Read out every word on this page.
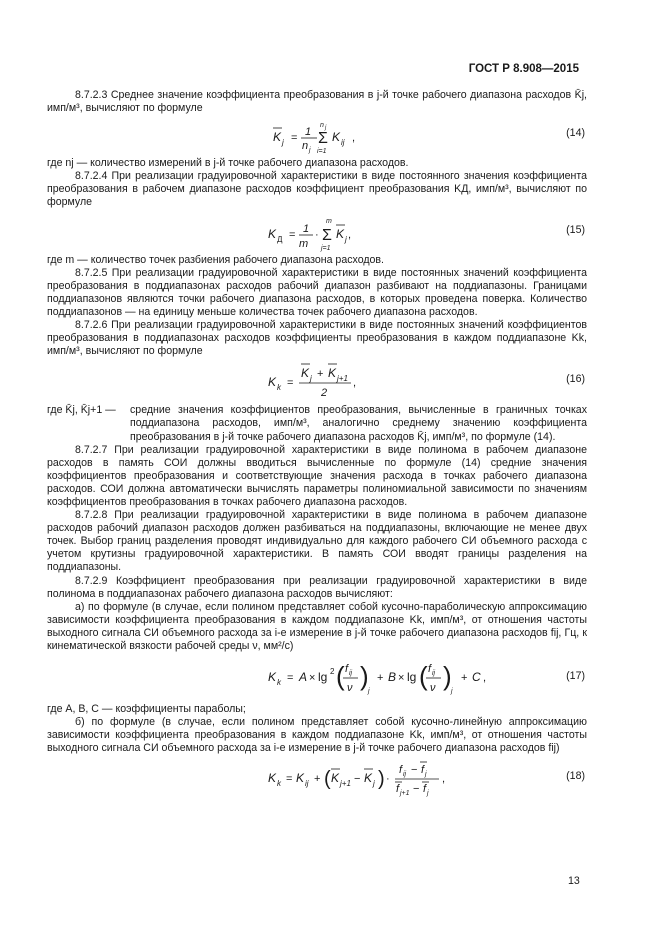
ГОСТ Р 8.908—2015

8.7.2.3 Среднее значение коэффициента преобразования в j-й точке рабочего диапазона расходов K̄j, имп/м³, вычисляют по формуле

K j = 1
n j
n j
Σ
i=1
K ij ,	(14)

где nj — количество измерений в j-й точке рабочего диапазона расходов.

8.7.2.4 При реализации градуировочной характеристики в виде постоянного значения коэффициента преобразования в рабочем диапазоне расходов коэффициент преобразования KД, имп/м³, вычисляют по формуле

K Д = 1
m
·
m
Σ
j=1
K j ,	(15)

где m — количество точек разбиения рабочего диапазона расходов.

8.7.2.5 При реализации градуировочной характеристики в виде постоянных значений коэффициента преобразования в поддиапазонах расходов рабочий диапазон разбивают на поддиапазоны. Границами поддиапазонов являются точки рабочего диапазона расходов, в которых проведена поверка. Количество поддиапазонов — на единицу меньше количества точек рабочего диапазона расходов.

8.7.2.6 При реализации градуировочной характеристики в виде постоянных значений коэффициентов преобразования в поддиапазонах расходов коэффициенты преобразования в каждом поддиапазоне Kk, имп/м³, вычисляют по формуле

K k =
K j + K j+1
2
,	(16)
где K̄j, K̄j+1 — средние значения коэффициентов преобразования, вычисленные в граничных точках поддиапазона расходов, имп/м³, аналогично среднему значению коэффициента преобразования в j-й точке рабочего диапазона расходов K̄j, имп/м³, по формуле (14).

8.7.2.7 При реализации градуировочной характеристики в виде полинома в рабочем диапазоне расходов в память СОИ должны вводиться вычисленные по формуле (14) средние значения коэффициентов преобразования и соответствующие значения расхода в точках рабочего диапазона расходов. СОИ должна автоматически вычислять параметры полиномиальной зависимости по значениям коэффициентов преобразования в точках рабочего диапазона расходов.

8.7.2.8 При реализации градуировочной характеристики в виде полинома в рабочем диапазоне расходов рабочий диапазон расходов должен разбиваться на поддиапазоны, включающие не менее двух точек. Выбор границ разделения проводят индивидуально для каждого рабочего СИ объемного расхода с учетом крутизны градуировочной характеристики. В память СОИ вводят границы разделения на поддиапазоны.

8.7.2.9 Коэффициент преобразования при реализации градуировочной характеристики в виде полинома в поддиапазонах рабочего диапазона расходов вычисляют:

а) по формуле (в случае, если полином представляет собой кусочно-параболическую аппроксимацию зависимости коэффициента преобразования в каждом поддиапазоне Kk, имп/м³, от отношения частоты выходного сигнала СИ объемного расхода за i-е измерение в j-й точке рабочего диапазона расходов fij, Гц, к кинематической вязкости рабочей среды ν, мм²/с)

K k = A × lg 2 ( f ij
ν )
j
+ B × lg ( f ij
ν )
j
+ C ,	(17)

где A, B, C — коэффициенты параболы;

б) по формуле (в случае, если полином представляет собой кусочно-линейную аппроксимацию зависимости коэффициента преобразования в каждом поддиапазоне Kk, имп/м³, от отношения частоты выходного сигнала СИ объемного расхода за i-е измерение в j-й точке рабочего диапазона расходов fij)

K k = K ij + ( K j+1 − K j ) ·
f ij − f j
f j+1 − f j
,	(18)
13
